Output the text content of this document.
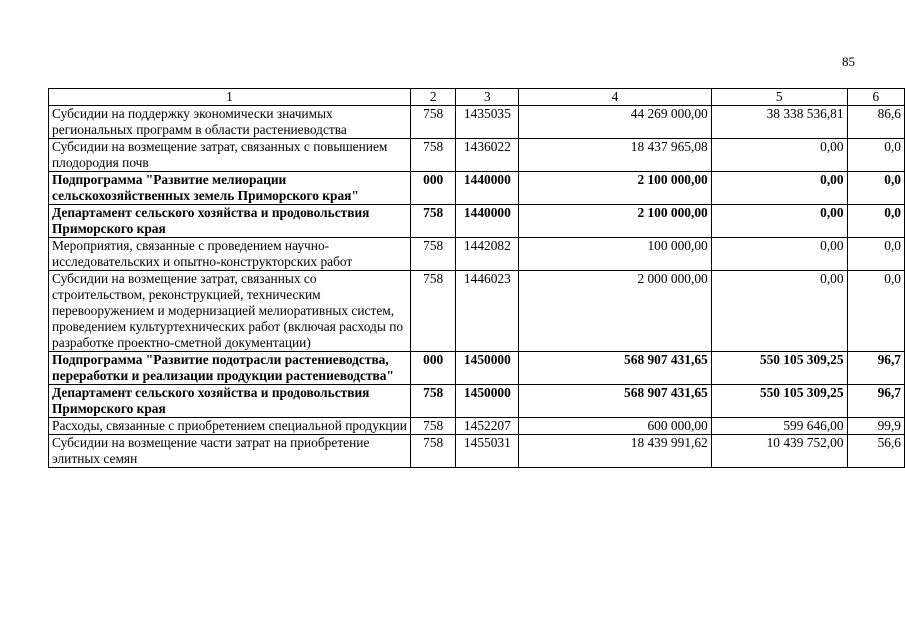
85
1	2	3	4	5	6
Субсидии на поддержку экономически значимых региональных программ в области растениеводства	758	1435035	44 269 000,00	38 338 536,81	86,6
Субсидии на возмещение затрат, связанных с повышением плодородия почв	758	1436022	18 437 965,08	0,00	0,0
Подпрограмма "Развитие мелиорации сельскохозяйственных земель Приморского края"	000	1440000	2 100 000,00	0,00	0,0
Департамент сельского хозяйства и продовольствия Приморского края	758	1440000	2 100 000,00	0,00	0,0
Мероприятия, связанные с проведением научно-исследовательских и опытно-конструкторских работ	758	1442082	100 000,00	0,00	0,0
Субсидии на возмещение затрат, связанных со строительством, реконструкцией, техническим перевооружением и модернизацией мелиоративных систем, проведением культуртехнических работ (включая расходы по разработке проектно-сметной документации)	758	1446023	2 000 000,00	0,00	0,0
Подпрограмма "Развитие подотрасли растениеводства, переработки и реализации продукции растениеводства"	000	1450000	568 907 431,65	550 105 309,25	96,7
Департамент сельского хозяйства и продовольствия Приморского края	758	1450000	568 907 431,65	550 105 309,25	96,7
Расходы, связанные с приобретением специальной продукции	758	1452207	600 000,00	599 646,00	99,9
Субсидии на возмещение части затрат на приобретение элитных семян	758	1455031	18 439 991,62	10 439 752,00	56,6
